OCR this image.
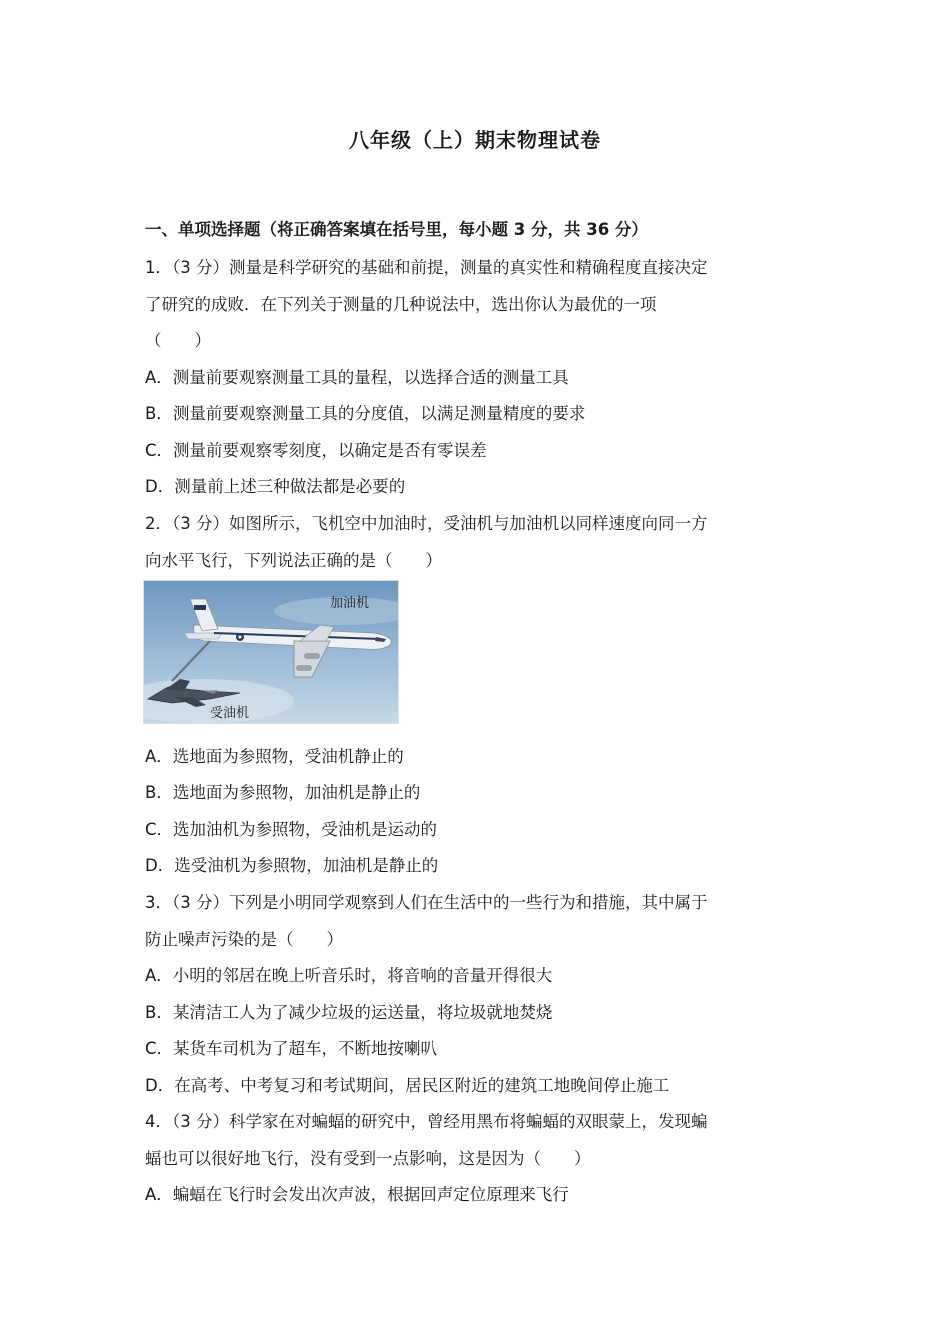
八年级（上）期末物理试卷
一、单项选择题（将正确答案填在括号里，每小题 3 分，共 36 分）
1．（3 分）测量是科学研究的基础和前提，测量的真实性和精确程度直接决定
了研究的成败．在下列关于测量的几种说法中，选出你认为最优的一项
（　　）
A．测量前要观察测量工具的量程，以选择合适的测量工具
B．测量前要观察测量工具的分度值，以满足测量精度的要求
C．测量前要观察零刻度，以确定是否有零误差
D．测量前上述三种做法都是必要的
2．（3 分）如图所示，飞机空中加油时，受油机与加油机以同样速度向同一方
向水平飞行，下列说法正确的是（　　）
加油机
受油机
A．选地面为参照物，受油机静止的
B．选地面为参照物，加油机是静止的
C．选加油机为参照物，受油机是运动的
D．选受油机为参照物，加油机是静止的
3．（3 分）下列是小明同学观察到人们在生活中的一些行为和措施，其中属于
防止噪声污染的是（　　）
A．小明的邻居在晚上听音乐时，将音响的音量开得很大
B．某清洁工人为了减少垃圾的运送量，将垃圾就地焚烧
C．某货车司机为了超车，不断地按喇叭
D．在高考、中考复习和考试期间，居民区附近的建筑工地晚间停止施工
4．（3 分）科学家在对蝙蝠的研究中，曾经用黑布将蝙蝠的双眼蒙上，发现蝙
蝠也可以很好地飞行，没有受到一点影响，这是因为（　　）
A．蝙蝠在飞行时会发出次声波，根据回声定位原理来飞行
